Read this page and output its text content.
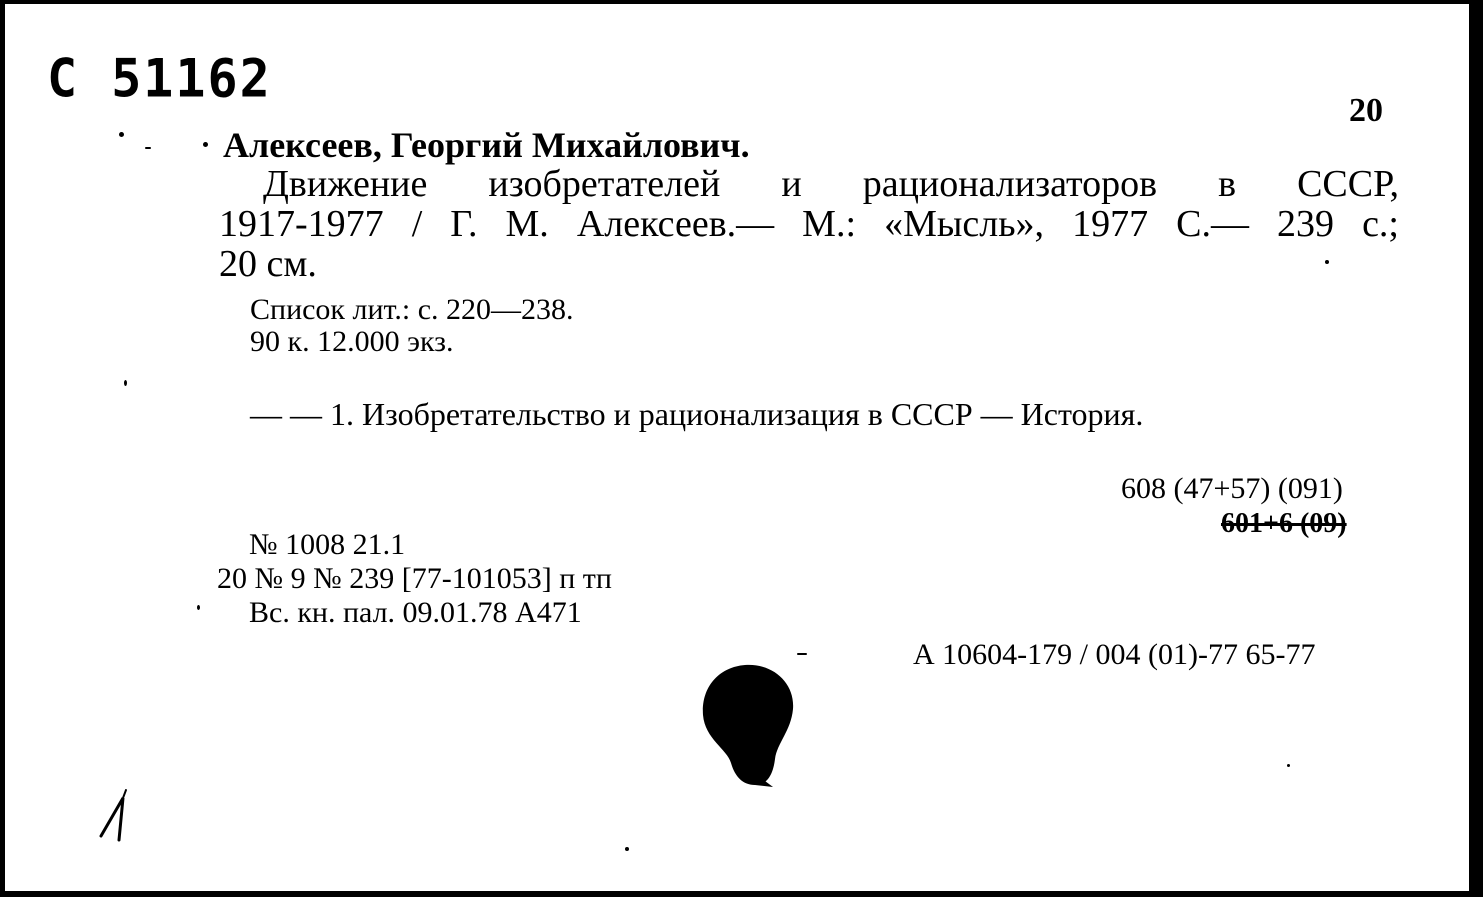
С 51162
20
Алексеев, Георгий Михайлович.
Движение изобретателей и рационализаторов в СССР,
1917-1977 / Г. М. Алексеев.— М.: «Мысль», 1977 С.— 239 с.;
20 см.
Список лит.: с. 220—238.
90 к. 12.000 экз.
— — 1. Изобретательство и рационализация в СССР — История.
608 (47+57) (091)
601+6 (09)
№ 1008 21.1
20 № 9 № 239 [77-101053] п тп
Вс. кн. пал. 09.01.78 А471
А 10604-179 / 004 (01)-77 65-77
